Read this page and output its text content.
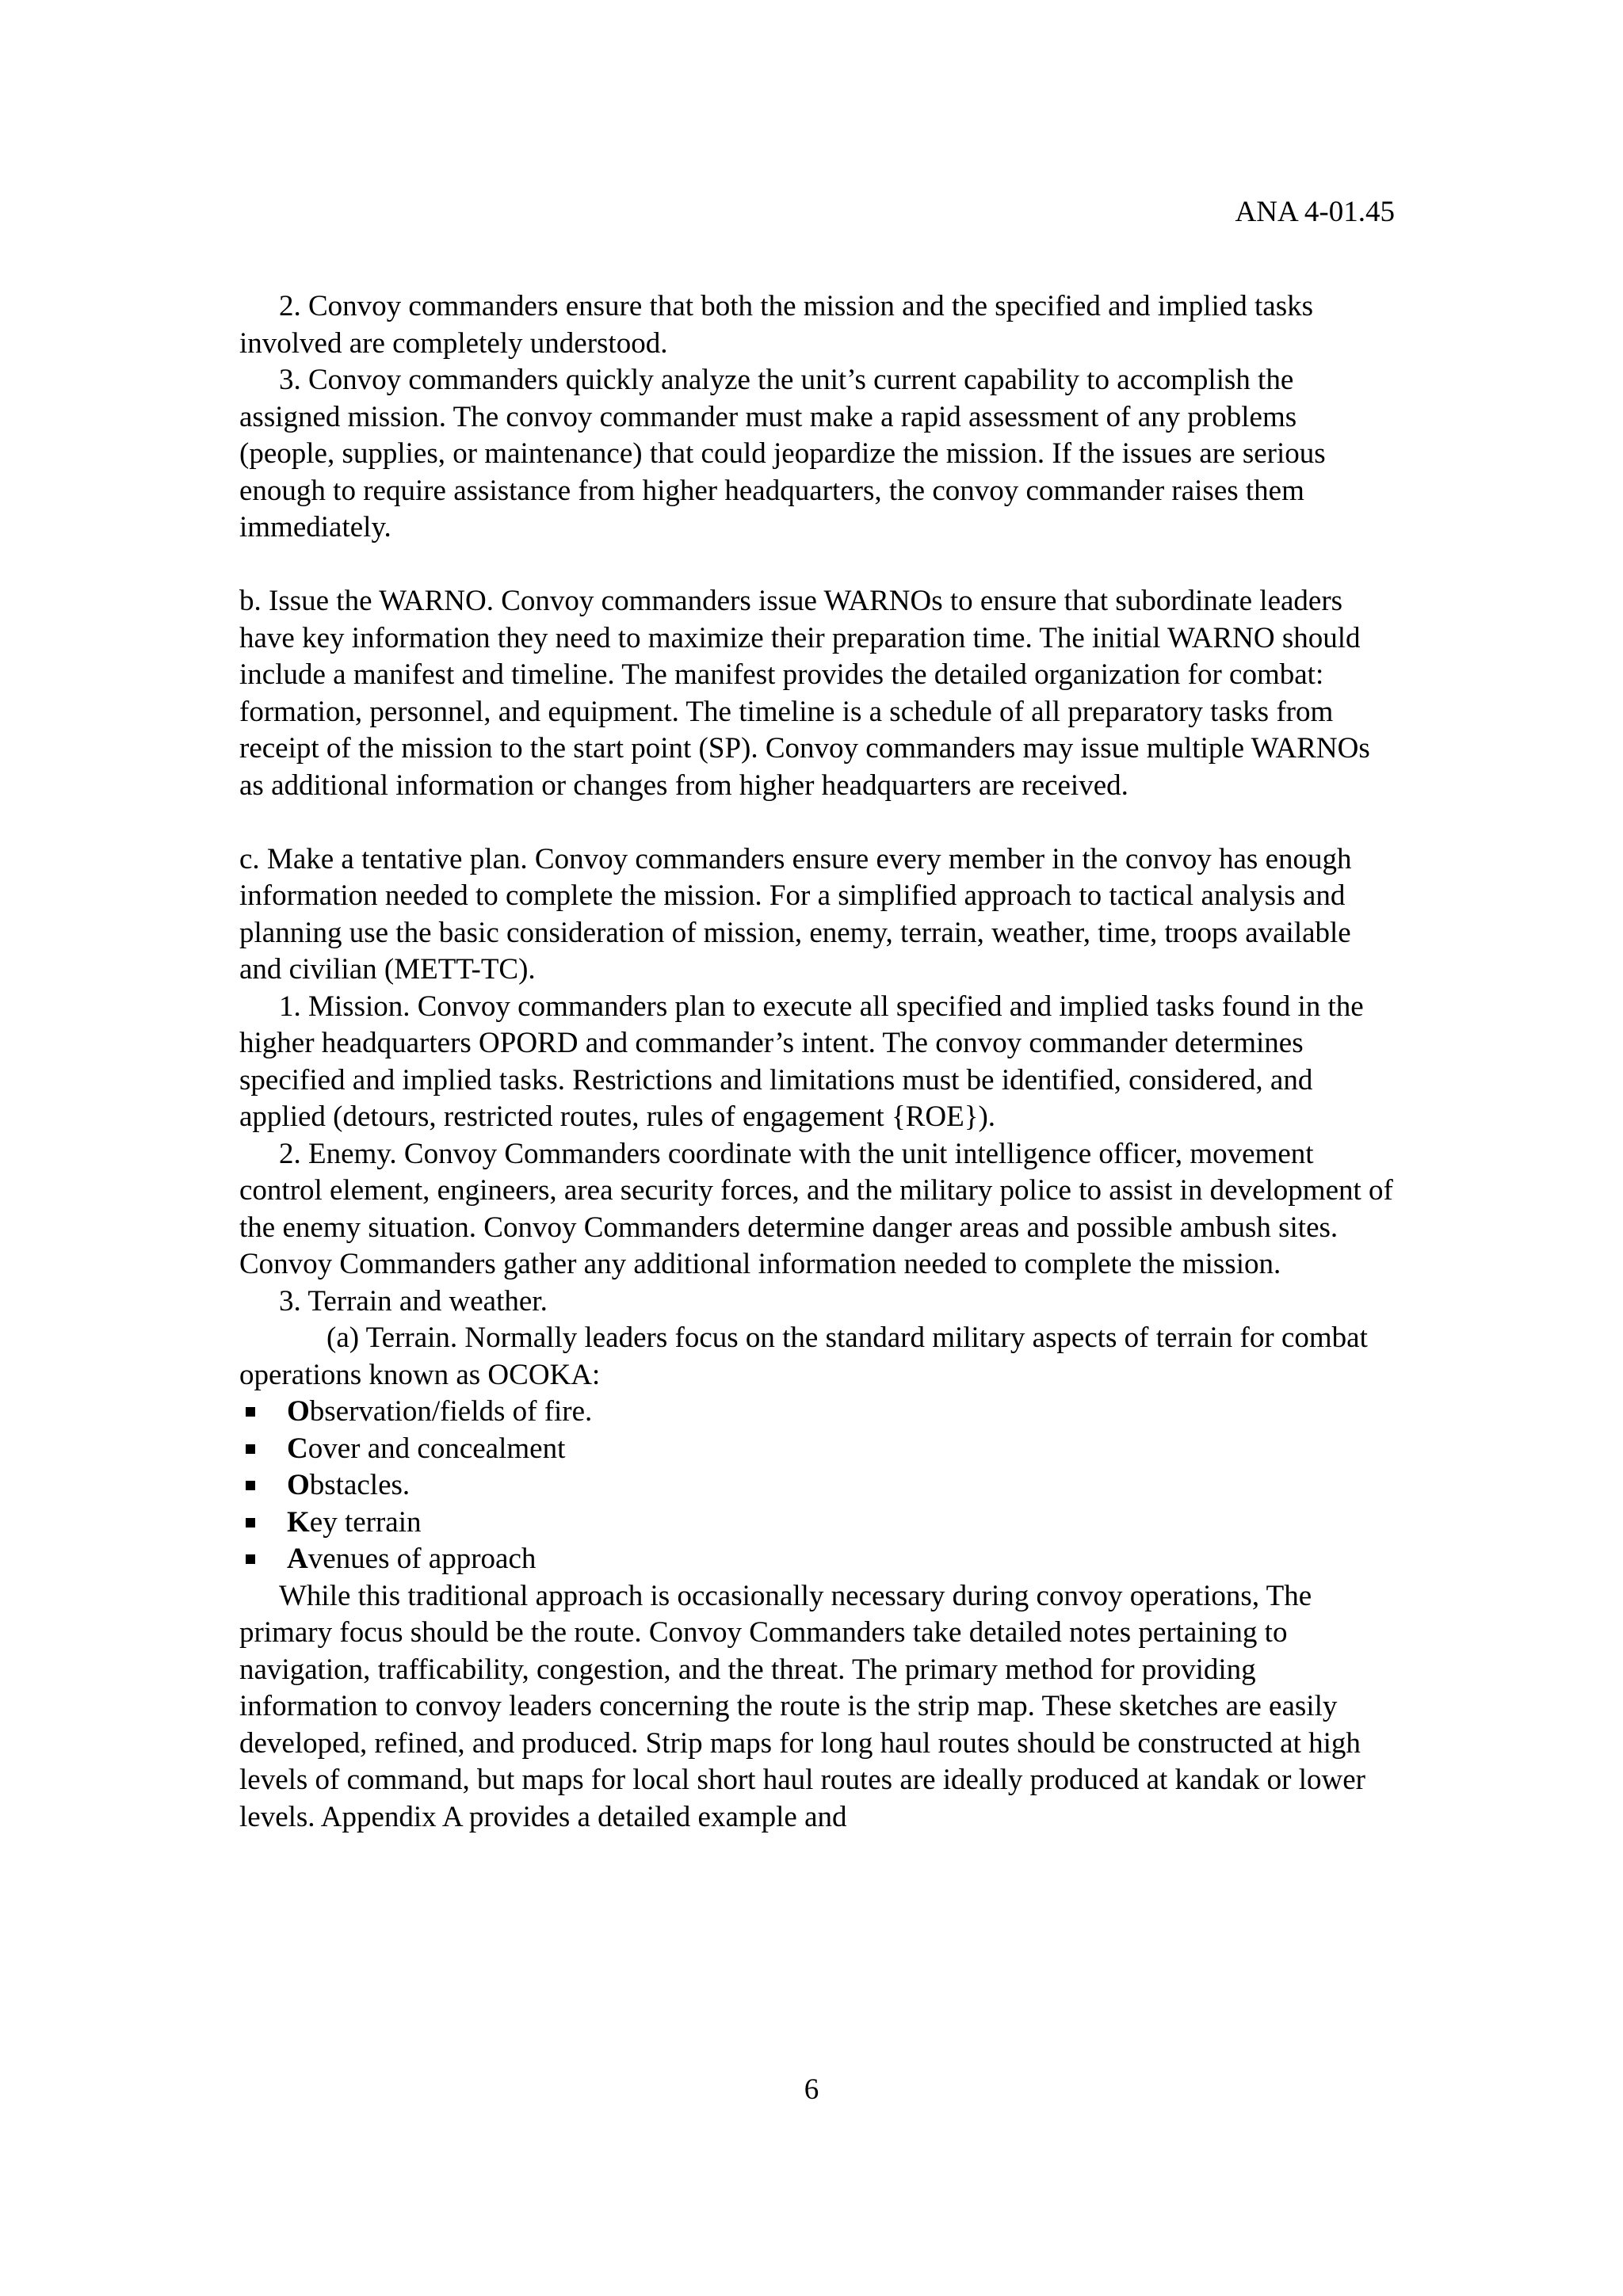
ANA 4-01.45

2. Convoy commanders ensure that both the mission and the specified and implied tasks involved are completely understood.

3. Convoy commanders quickly analyze the unit’s current capability to accomplish the assigned mission. The convoy commander must make a rapid assessment of any problems (people, supplies, or maintenance) that could jeopardize the mission. If the issues are serious enough to require assistance from higher headquarters, the convoy commander raises them immediately.

b. Issue the WARNO. Convoy commanders issue WARNOs to ensure that subordinate leaders have key information they need to maximize their preparation time. The initial WARNO should include a manifest and timeline. The manifest provides the detailed organization for combat: formation, personnel, and equipment. The timeline is a schedule of all preparatory tasks from receipt of the mission to the start point (SP). Convoy commanders may issue multiple WARNOs as additional information or changes from higher headquarters are received.

c. Make a tentative plan. Convoy commanders ensure every member in the convoy has enough information needed to complete the mission. For a simplified approach to tactical analysis and planning use the basic consideration of mission, enemy, terrain, weather, time, troops available and civilian (METT-TC).

1. Mission. Convoy commanders plan to execute all specified and implied tasks found in the higher headquarters OPORD and commander’s intent. The convoy commander determines specified and implied tasks. Restrictions and limitations must be identified, considered, and applied (detours, restricted routes, rules of engagement {ROE}).

2. Enemy. Convoy Commanders coordinate with the unit intelligence officer, movement control element, engineers, area security forces, and the military police to assist in development of the enemy situation. Convoy Commanders determine danger areas and possible ambush sites. Convoy Commanders gather any additional information needed to complete the mission.

3. Terrain and weather.

(a) Terrain. Normally leaders focus on the standard military aspects of terrain for combat operations known as OCOKA:

Observation/fields of fire.
Cover and concealment
Obstacles.
Key terrain
Avenues of approach

While this traditional approach is occasionally necessary during convoy operations, The primary focus should be the route. Convoy Commanders take detailed notes pertaining to navigation, trafficability, congestion, and the threat. The primary method for providing information to convoy leaders concerning the route is the strip map. These sketches are easily developed, refined, and produced. Strip maps for long haul routes should be constructed at high levels of command, but maps for local short haul routes are ideally produced at kandak or lower levels. Appendix A provides a detailed example and

6
